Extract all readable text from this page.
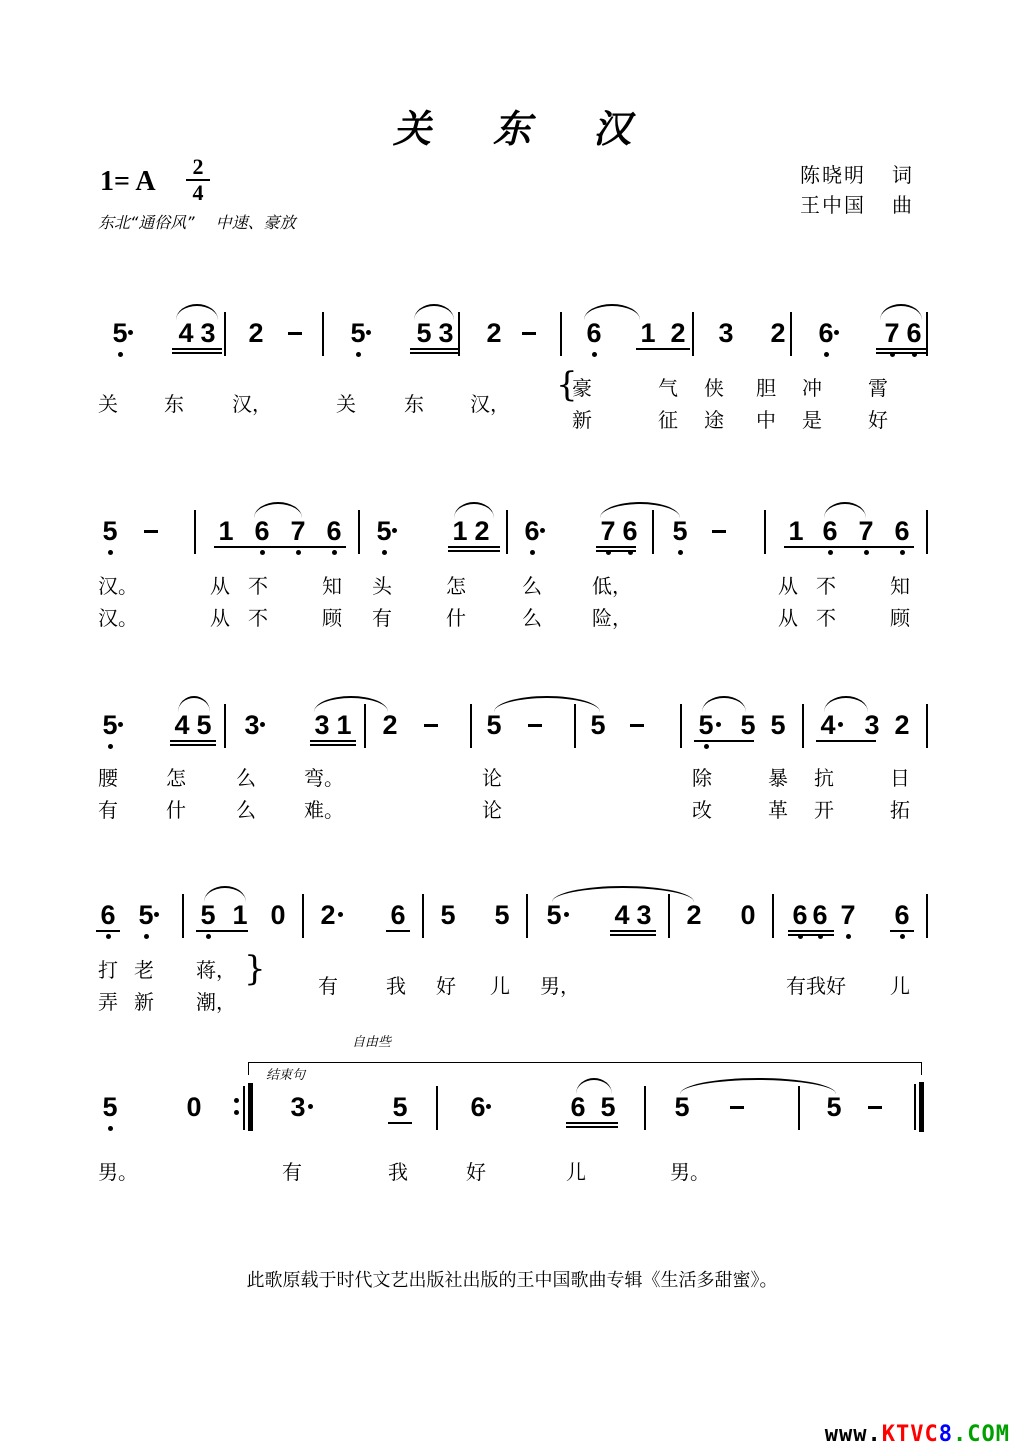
关东汉
1= A 2
4
东北“通俗风”　 中速、豪放
陈晓明 词
王中国 曲
5 4 3 2	5 5 3 2	6 1 2 3 2 6 7 6
关 东 汉，	关 东 汉，
豪	气 侠 胆 冲 霄
新	征 途 中 是 好
{
5	1 6 7 6 5 1 2 6 7 6 5	1 6 7 6
汉。	从 不	知 头	怎	么	低，	从 不	知
汉。	从 不	顾 有	什	么	险，	从 不	顾
5 4 5 3 3 1 2	5	5	5 5 5 4 3 2
腰 怎	么 弯。	论	除	暴 抗	日
有 什	么 难。	论	改	革 开	拓
6 5 5 1 0 2 6 5 5 5 4 3 2 0 6 6 7 6
打 老 蒋，
弄 新 潮，
有 我 好 儿 男，	有我好 儿
}
5	0	3	5 6	6 5 5	5
男。	有	我	好	儿	男。
自由些
结束句
此歌原载于时代文艺出版社出版的王中国歌曲专辑《生活多甜蜜》。
www.KTVC8.COM
